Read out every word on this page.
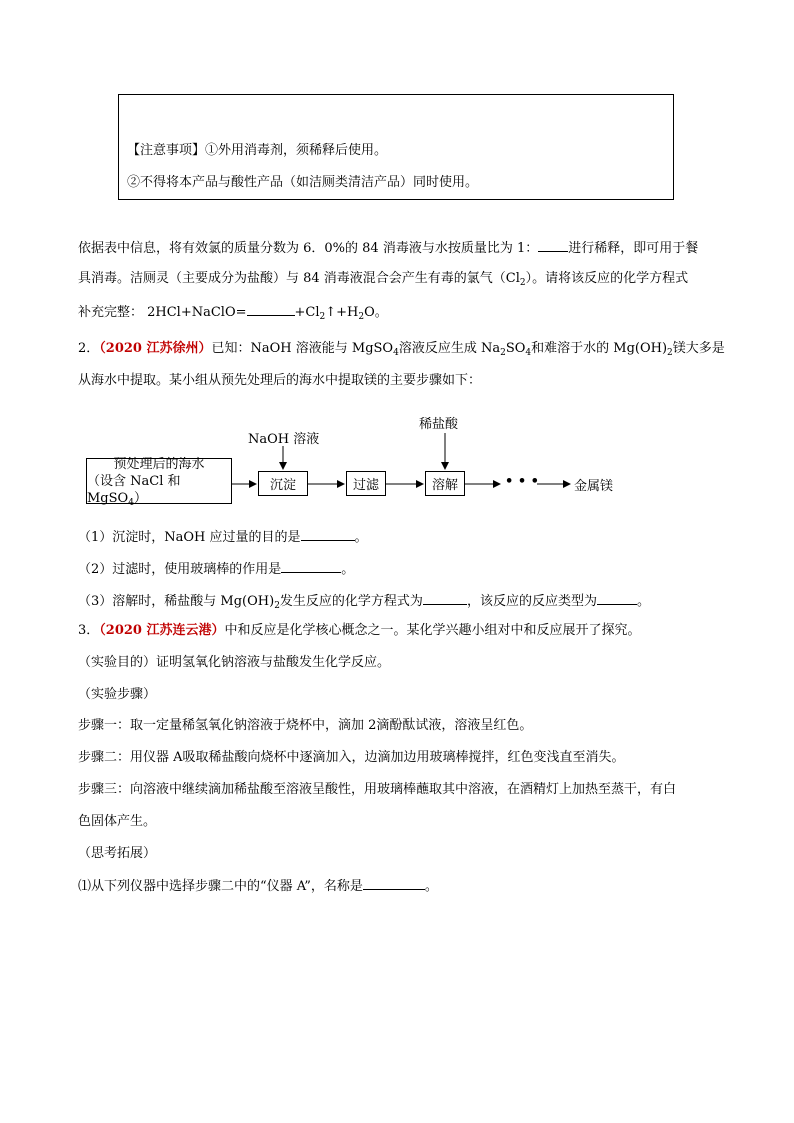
【注意事项】①外用消毒剂，须稀释后使用。
②不得将本产品与酸性产品（如洁厕类清洁产品）同时使用。
依据表中信息，将有效氯的质量分数为 6．0%的 84 消毒液与水按质量比为 1： 进行稀释，即可用于餐
具消毒。洁厕灵（主要成分为盐酸）与 84 消毒液混合会产生有毒的氯气$(Cl_2)$。请将该反应的化学方程式
补充完整： 2HCl+NaClO=	$+Cl_2↑+H_2O$。
2．（2020 江苏徐州）已知：NaOH 溶液能与 MgSO$_4$溶液反应生成 $Na_2SO_4$和难溶于水的 $Mg(OH)_2$镁大多是
从海水中提取。某小组从预先处理后的海水中提取镁的主要步骤如下：
NaOH 溶液
稀盐酸
预处理后的海水
（设含 NaCl 和 MgSO$_4$）
沉淀	过滤	溶解	• • •	金属镁
（1）沉淀时，NaOH 应过量的目的是	。
（2）过滤时，使用玻璃棒的作用是	。
（3）溶解时，稀盐酸与 $Mg(OH)_2$发生反应的化学方程式为	，该反应的反应类型为	。
3．（2020 江苏连云港）中和反应是化学核心概念之一。某化学兴趣小组对中和反应展开了探究。
（实验目的）证明氢氧化钠溶液与盐酸发生化学反应。
（实验步骤）
步骤一：取一定量稀氢氧化钠溶液于烧杯中，滴加 2滴酚酞试液，溶液呈红色。
步骤二：用仪器 A吸取稀盐酸向烧杯中逐滴加入，边滴加边用玻璃棒搅拌，红色变浅直至消失。
步骤三：向溶液中继续滴加稀盐酸至溶液呈酸性，用玻璃棒蘸取其中溶液，在酒精灯上加热至蒸干，有白
色固体产生。
（思考拓展）
⑴从下列仪器中选择步骤二中的“仪器 A”，名称是	。
